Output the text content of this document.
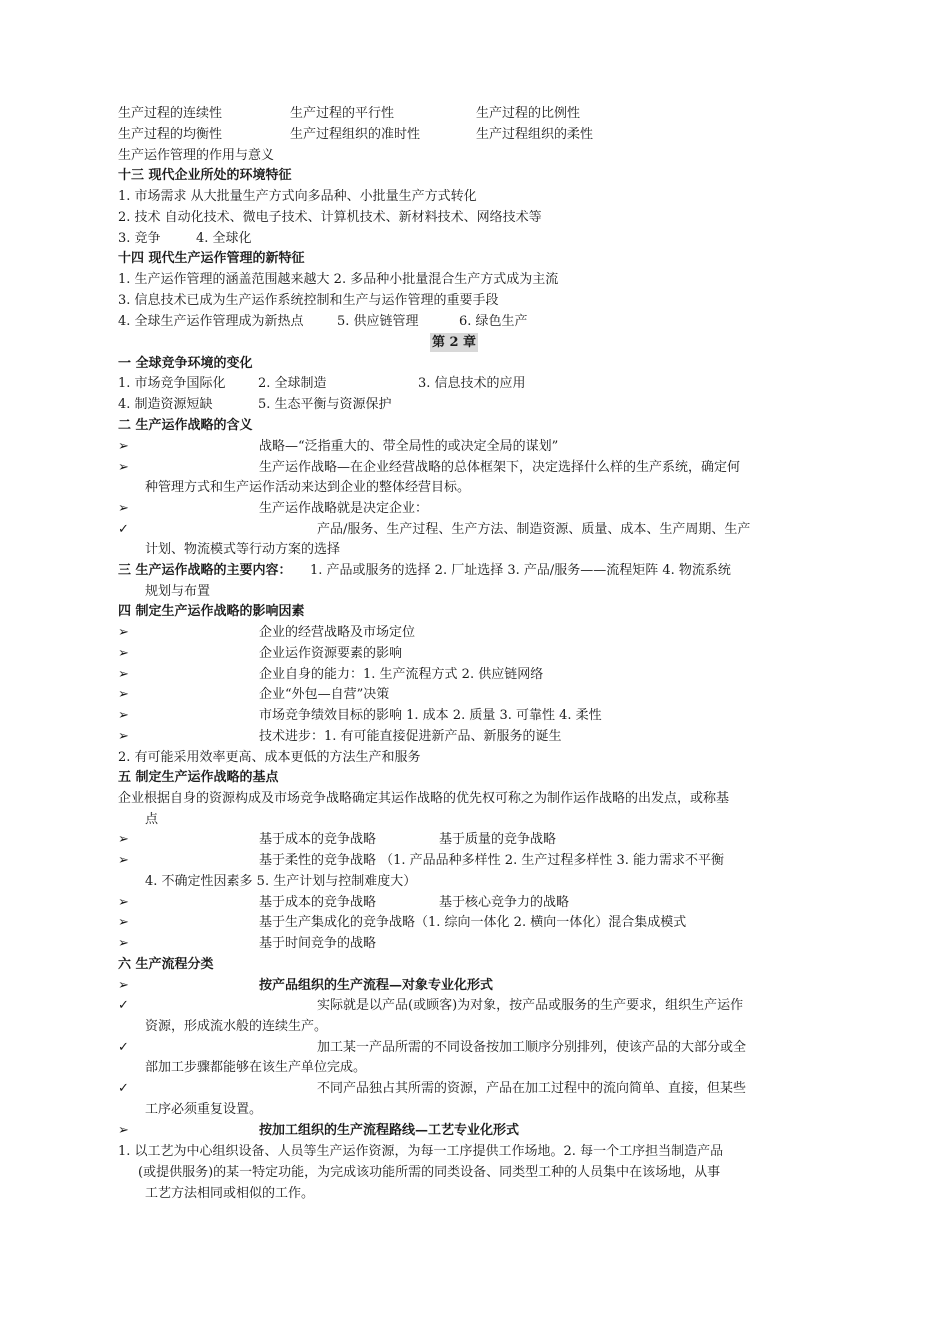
生产过程的连续性	生产过程的平行性	生产过程的比例性
生产过程的均衡性	生产过程组织的准时性	生产过程组织的柔性
生产运作管理的作用与意义
十三 现代企业所处的环境特征
1. 市场需求 从大批量生产方式向多品种、小批量生产方式转化
2. 技术 自动化技术、微电子技术、计算机技术、新材料技术、网络技术等
3. 竞争	4. 全球化
十四 现代生产运作管理的新特征
1. 生产运作管理的涵盖范围越来越大 2. 多品种小批量混合生产方式成为主流
3. 信息技术已成为生产运作系统控制和生产与运作管理的重要手段
4. 全球生产运作管理成为新热点	5. 供应链管理	6. 绿色生产
第 2 章
一 全球竞争环境的变化
1. 市场竞争国际化 2. 全球制造	3. 信息技术的应用
4. 制造资源短缺	5. 生态平衡与资源保护
二 生产运作战略的含义
➢	战略—“泛指重大的、带全局性的或决定全局的谋划”
➢	生产运作战略—在企业经营战略的总体框架下，决定选择什么样的生产系统，确定何
种管理方式和生产运作活动来达到企业的整体经营目标。
➢	生产运作战略就是决定企业：
✓	产品/服务、生产过程、生产方法、制造资源、质量、成本、生产周期、生产
计划、物流模式等行动方案的选择
三 生产运作战略的主要内容： 1. 产品或服务的选择 2. 厂址选择 3. 产品/服务——流程矩阵 4. 物流系统
规划与布置
四 制定生产运作战略的影响因素
➢	企业的经营战略及市场定位
➢	企业运作资源要素的影响
➢	企业自身的能力：1. 生产流程方式 2. 供应链网络
➢	企业“外包—自营”决策
➢	市场竞争绩效目标的影响 1. 成本 2. 质量 3. 可靠性 4. 柔性
➢	技术进步：1. 有可能直接促进新产品、新服务的诞生
2. 有可能采用效率更高、成本更低的方法生产和服务
五 制定生产运作战略的基点
企业根据自身的资源构成及市场竞争战略确定其运作战略的优先权可称之为制作运作战略的出发点，或称基
点
➢	基于成本的竞争战略	基于质量的竞争战略
➢	基于柔性的竞争战略 （1. 产品品种多样性 2. 生产过程多样性 3. 能力需求不平衡
4. 不确定性因素多 5. 生产计划与控制难度大）
➢	基于成本的竞争战略	基于核心竞争力的战略
➢	基于生产集成化的竞争战略（1. 综向一体化 2. 横向一体化）混合集成模式
➢	基于时间竞争的战略
六 生产流程分类
➢	按产品组织的生产流程—对象专业化形式
✓	实际就是以产品(或顾客)为对象，按产品或服务的生产要求，组织生产运作
资源，形成流水般的连续生产。
✓	加工某一产品所需的不同设备按加工顺序分别排列，使该产品的大部分或全
部加工步骤都能够在该生产单位完成。
✓	不同产品独占其所需的资源，产品在加工过程中的流向简单、直接，但某些
工序必须重复设置。
➢	按加工组织的生产流程路线—工艺专业化形式
1. 以工艺为中心组织设备、人员等生产运作资源，为每一工序提供工作场地。2. 每一个工序担当制造产品
(或提供服务)的某一特定功能，为完成该功能所需的同类设备、同类型工种的人员集中在该场地，从事
工艺方法相同或相似的工作。
